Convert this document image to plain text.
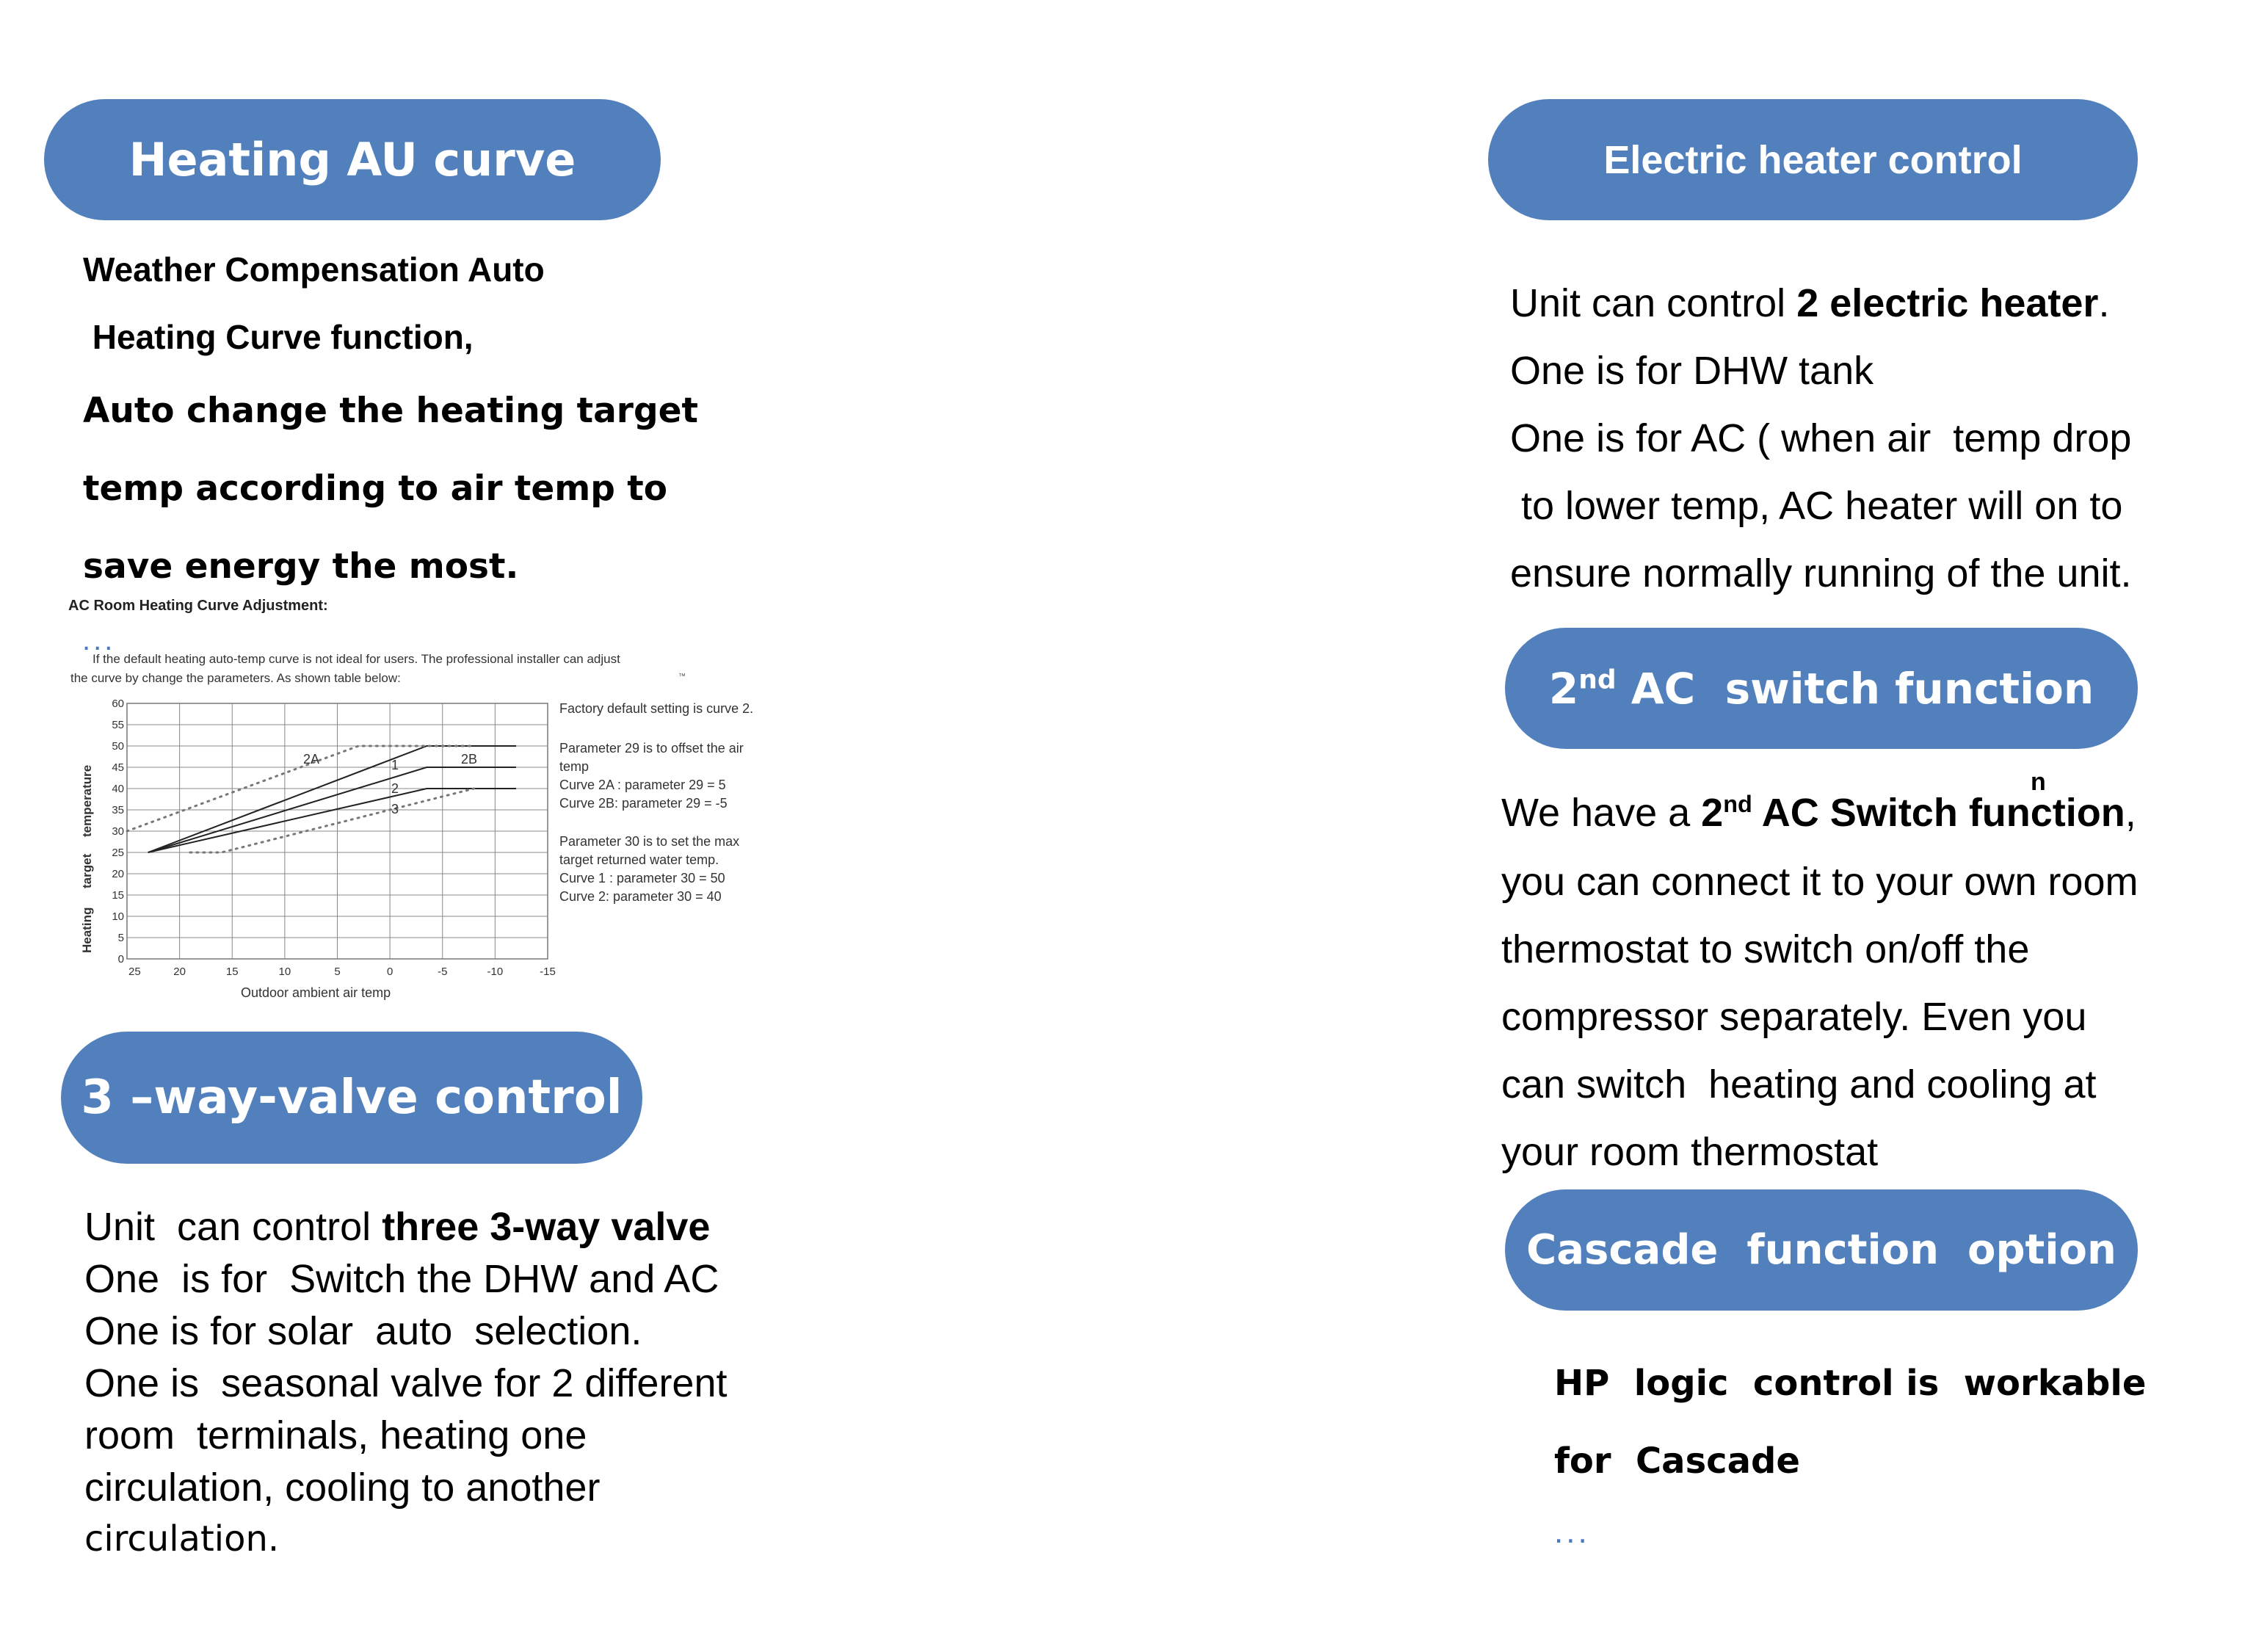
Heating AU curve
Weather Compensation Auto
Heating Curve function,
Auto change the heating target
temp according to air temp to
save energy the most.
AC Room Heating Curve Adjustment:
...
If the default heating auto-temp curve is not ideal for users. The professional installer can adjust
the curve by change the parameters. As shown table below:	™
0
5
10
15
20
25
30
35
40
45
50
55
60
25	20	15	10	5	0	-5	-10	-15
1
2
3
2A	2B
Outdoor ambient air temp
Heating
target
temperature
Factory default setting is curve 2.
Parameter 29 is to offset the air
temp
Curve 2A : parameter 29 = 5
Curve 2B: parameter 29 = -5
Parameter 30 is to set the max
target returned water temp.
Curve 1 : parameter 30 = 50
Curve 2: parameter 30 = 40
3 –way-valve control
Unit  can control three 3-way valve
One  is for  Switch the DHW and AC
One is for solar  auto  selection.
One is  seasonal valve for 2 different
room  terminals, heating one
circulation, cooling to another
circulation.
Electric heater control
Unit can control 2 electric heater.
One is for DHW tank
One is for AC ( when air  temp drop
to lower temp, AC heater will on to
ensure normally running of the unit.
2nd AC  switch function
n
We have a 2nd AC Switch function,
you can connect it to your own room
thermostat to switch on/off the
compressor separately. Even you
can switch  heating and cooling at
your room thermostat
Cascade  function  option
HP  logic  control is  workable
for  Cascade
...
